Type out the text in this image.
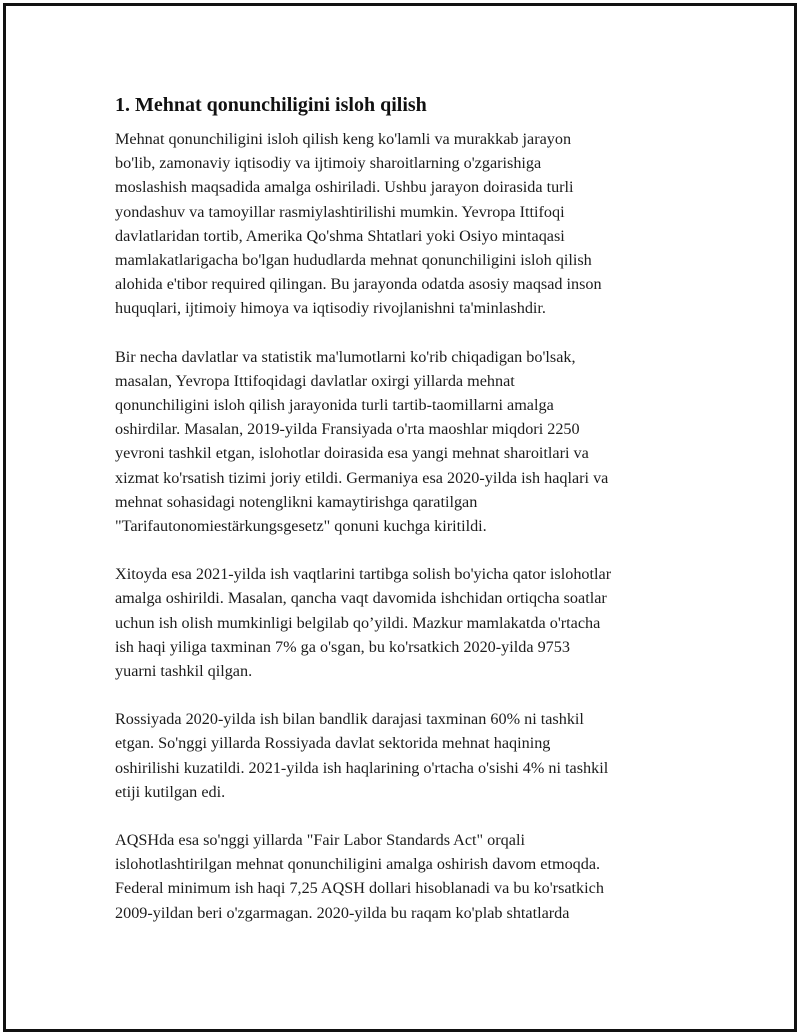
1. Mehnat qonunchiligini isloh qilish

Mehnat qonunchiligini isloh qilish keng ko'lamli va murakkab jarayon
bo'lib, zamonaviy iqtisodiy va ijtimoiy sharoitlarning o'zgarishiga
moslashish maqsadida amalga oshiriladi. Ushbu jarayon doirasida turli
yondashuv va tamoyillar rasmiylashtirilishi mumkin. Yevropa Ittifoqi
davlatlaridan tortib, Amerika Qo'shma Shtatlari yoki Osiyo mintaqasi
mamlakatlarigacha bo'lgan hududlarda mehnat qonunchiligini isloh qilish
alohida e'tibor required qilingan. Bu jarayonda odatda asosiy maqsad inson
huquqlari, ijtimoiy himoya va iqtisodiy rivojlanishni ta'minlashdir.

Bir necha davlatlar va statistik ma'lumotlarni ko'rib chiqadigan bo'lsak,
masalan, Yevropa Ittifoqidagi davlatlar oxirgi yillarda mehnat
qonunchiligini isloh qilish jarayonida turli tartib-taomillarni amalga
oshirdilar. Masalan, 2019-yilda Fransiyada o'rta maoshlar miqdori 2250
yevroni tashkil etgan, islohotlar doirasida esa yangi mehnat sharoitlari va
xizmat ko'rsatish tizimi joriy etildi. Germaniya esa 2020-yilda ish haqlari va
mehnat sohasidagi notenglikni kamaytirishga qaratilgan
"Tarifautonomiestärkungsgesetz" qonuni kuchga kiritildi.

Xitoyda esa 2021-yilda ish vaqtlarini tartibga solish bo'yicha qator islohotlar
amalga oshirildi. Masalan, qancha vaqt davomida ishchidan ortiqcha soatlar
uchun ish olish mumkinligi belgilab qo’yildi. Mazkur mamlakatda o'rtacha
ish haqi yiliga taxminan 7% ga o'sgan, bu ko'rsatkich 2020-yilda 9753
yuarni tashkil qilgan.

Rossiyada 2020-yilda ish bilan bandlik darajasi taxminan 60% ni tashkil
etgan. So'nggi yillarda Rossiyada davlat sektorida mehnat haqining
oshirilishi kuzatildi. 2021-yilda ish haqlarining o'rtacha o'sishi 4% ni tashkil
etiji kutilgan edi.

AQSHda esa so'nggi yillarda "Fair Labor Standards Act" orqali
islohotlashtirilgan mehnat qonunchiligini amalga oshirish davom etmoqda.
Federal minimum ish haqi 7,25 AQSH dollari hisoblanadi va bu ko'rsatkich
2009-yildan beri o'zgarmagan. 2020-yilda bu raqam ko'plab shtatlarda
